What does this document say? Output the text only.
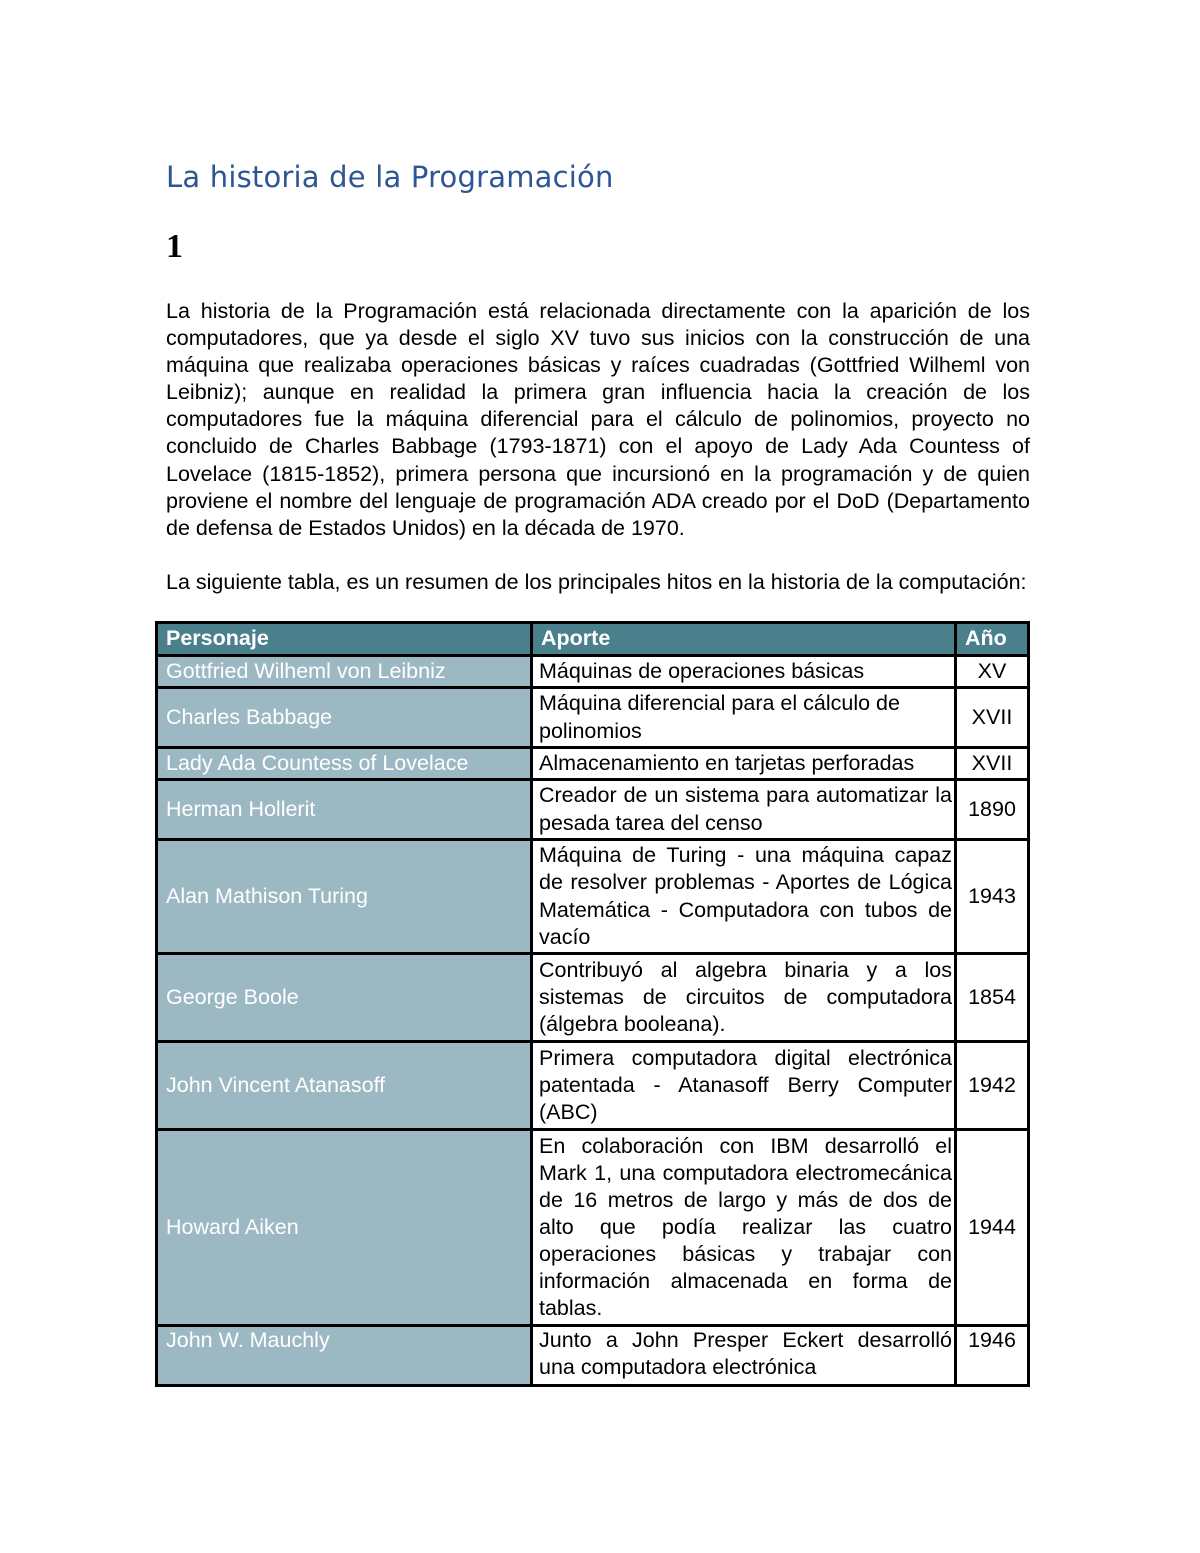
La historia de la Programación
1

La historia de la Programación está relacionada directamente con la aparición de los computadores, que ya desde el siglo XV tuvo sus inicios con la construcción de una máquina que realizaba operaciones básicas y raíces cuadradas (Gottfried Wilheml von Leibniz); aunque en realidad la primera gran influencia hacia la creación de los computadores fue la máquina diferencial para el cálculo de polinomios, proyecto no concluido de Charles Babbage (1793-1871) con el apoyo de Lady Ada Countess of Lovelace (1815-1852), primera persona que incursionó en la programación y de quien proviene el nombre del lenguaje de programación ADA creado por el DoD (Departamento de defensa de Estados Unidos) en la década de 1970.

La siguiente tabla, es un resumen de los principales hitos en la historia de la computación:

Personaje	Aporte	Año
Gottfried Wilheml von Leibniz	Máquinas de operaciones básicas	XV
Charles Babbage	Máquina diferencial para el cálculo de polinomios	XVII
Lady Ada Countess of Lovelace	Almacenamiento en tarjetas perforadas	XVII
Herman Hollerit	Creador de un sistema para automatizar la pesada tarea del censo	1890
Alan Mathison Turing	Máquina de Turing - una máquina capaz de resolver problemas - Aportes de Lógica Matemática - Computadora con tubos de vacío	1943
George Boole	Contribuyó al algebra binaria y a los sistemas de circuitos de computadora (álgebra booleana).	1854
John Vincent Atanasoff	Primera computadora digital electrónica patentada - Atanasoff Berry Computer (ABC)	1942
Howard Aiken	En colaboración con IBM desarrolló el Mark 1, una computadora electromecánica de 16 metros de largo y más de dos de alto que podía realizar las cuatro operaciones básicas y trabajar con información almacenada en forma de tablas.	1944
John W. Mauchly	Junto a John Presper Eckert desarrolló una computadora electrónica	1946
